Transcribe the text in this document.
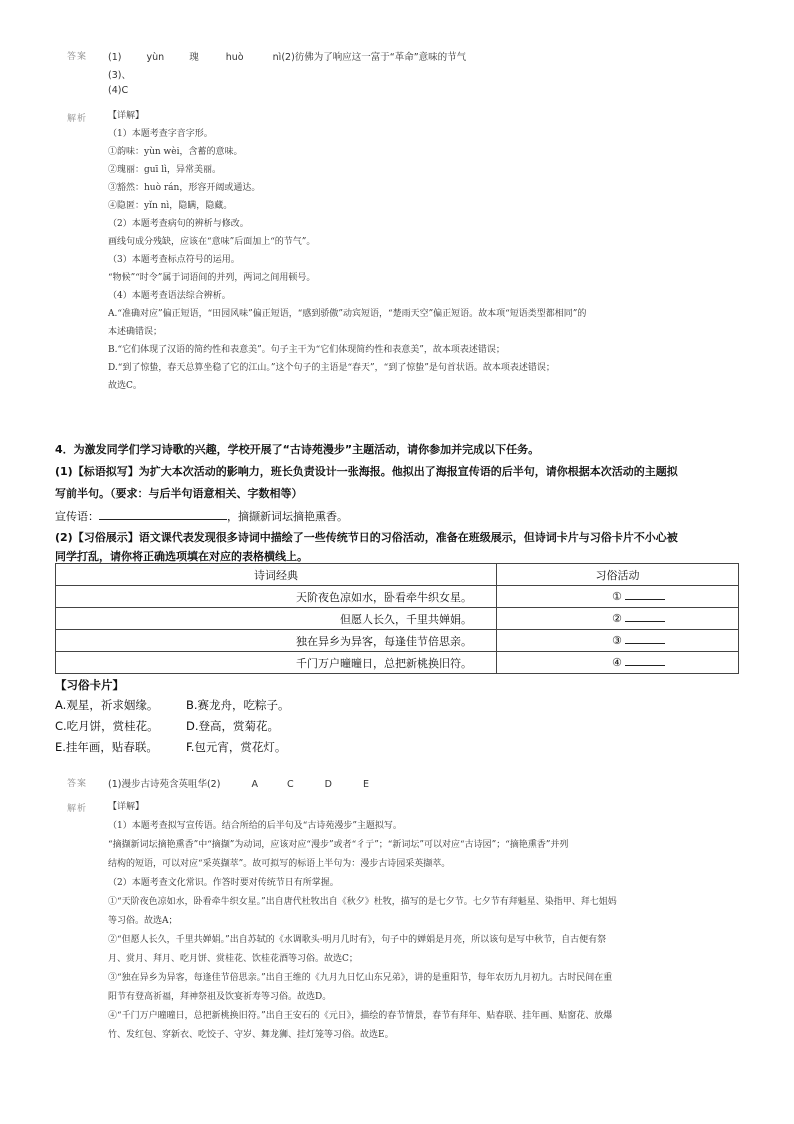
答案 (1)	yùn	瑰	huò	nì(2)彷佛为了响应这一富于“革命”意味的节气
(3)、
(4)C
解析 【详解】
（1）本题考查字音字形。
①韵味：yùn wèi，含蓄的意味。
②瑰丽：guī lì，异常美丽。
③豁然：huò rán，形容开阔或通达。
④隐匿：yǐn nì，隐瞒，隐藏。
（2）本题考查病句的辨析与修改。
画线句成分残缺，应该在“意味”后面加上“的节气”。
（3）本题考查标点符号的运用。
“物候”“时令”属于词语间的并列，两词之间用顿号。
（4）本题考查语法综合辨析。
A.“准确对应”偏正短语，“田园风味”偏正短语，“感到骄傲”动宾短语，“楚雨天空”偏正短语。故本项“短语类型都相同”的
本述确错误；
B.“它们体现了汉语的简约性和表意美”。句子主干为“它们体现简约性和表意美”，故本项表述错误；
D.“到了惊蛰，春天总算坐稳了它的江山。”这个句子的主语是“春天”，“到了惊蛰”是句首状语。故本项表述错误；
故选C。
4．为激发同学们学习诗歌的兴趣，学校开展了“古诗苑漫步”主题活动，请你参加并完成以下任务。
(1)【标语拟写】为扩大本次活动的影响力，班长负责设计一张海报。他拟出了海报宣传语的后半句，请你根据本次活动的主题拟
写前半句。（要求：与后半句语意相关、字数相等）
宣传语：	，摘撷新词坛摘艳熏香。
(2)【习俗展示】语文课代表发现很多诗词中描绘了一些传统节日的习俗活动，准备在班级展示，但诗词卡片与习俗卡片不小心被
同学打乱，请你将正确选项填在对应的表格横线上。
诗词经典	习俗活动
天阶夜色凉如水，卧看牵牛织女星。	①
但愿人长久，千里共婵娟。	②
独在异乡为异客，每逢佳节倍思亲。	③
千门万户曈曈日，总把新桃换旧符。	④
【习俗卡片】
A.观星，祈求姻缘。 B.赛龙舟，吃粽子。
C.吃月饼，赏桂花。 D.登高，赏菊花。
E.挂年画，贴春联。 F.包元宵，赏花灯。
答案 (1)漫步古诗苑含英咀华(2)	A	C	D	E
解析 【详解】
（1）本题考查拟写宣传语。结合所给的后半句及“古诗苑漫步”主题拟写。
“摘撷新词坛摘艳熏香”中“摘撷”为动词，应该对应“漫步”或者“彳亍”；“新词坛”可以对应“古诗园”；“摘艳熏香”并列
结构的短语，可以对应“采英撷萃”。故可拟写的标语上半句为：漫步古诗园采英撷萃。
（2）本题考查文化常识。作答时要对传统节日有所掌握。
①“天阶夜色凉如水，卧看牵牛织女星。”出自唐代杜牧出自《秋夕》杜牧，描写的是七夕节。七夕节有拜魁星、染指甲、拜七姐妈
等习俗。故选A；
②“但愿人长久，千里共婵娟。”出自苏轼的《水调歌头·明月几时有》，句子中的婵娟是月亮，所以该句是写中秋节，自古便有祭
月、赏月、拜月、吃月饼、赏桂花、饮桂花酒等习俗。故选C；
③“独在异乡为异客，每逢佳节倍思亲。”出自王维的《九月九日忆山东兄弟》，讲的是重阳节，每年农历九月初九。古时民间在重
阳节有登高祈福，拜神祭祖及饮宴祈寿等习俗。故选D。
④“千门万户曈曈日，总把新桃换旧符。”出自王安石的《元日》，描绘的春节情景，春节有拜年、贴春联、挂年画、贴窗花、放爆
竹、发红包、穿新衣、吃饺子、守岁、舞龙狮、挂灯笼等习俗。故选E。
